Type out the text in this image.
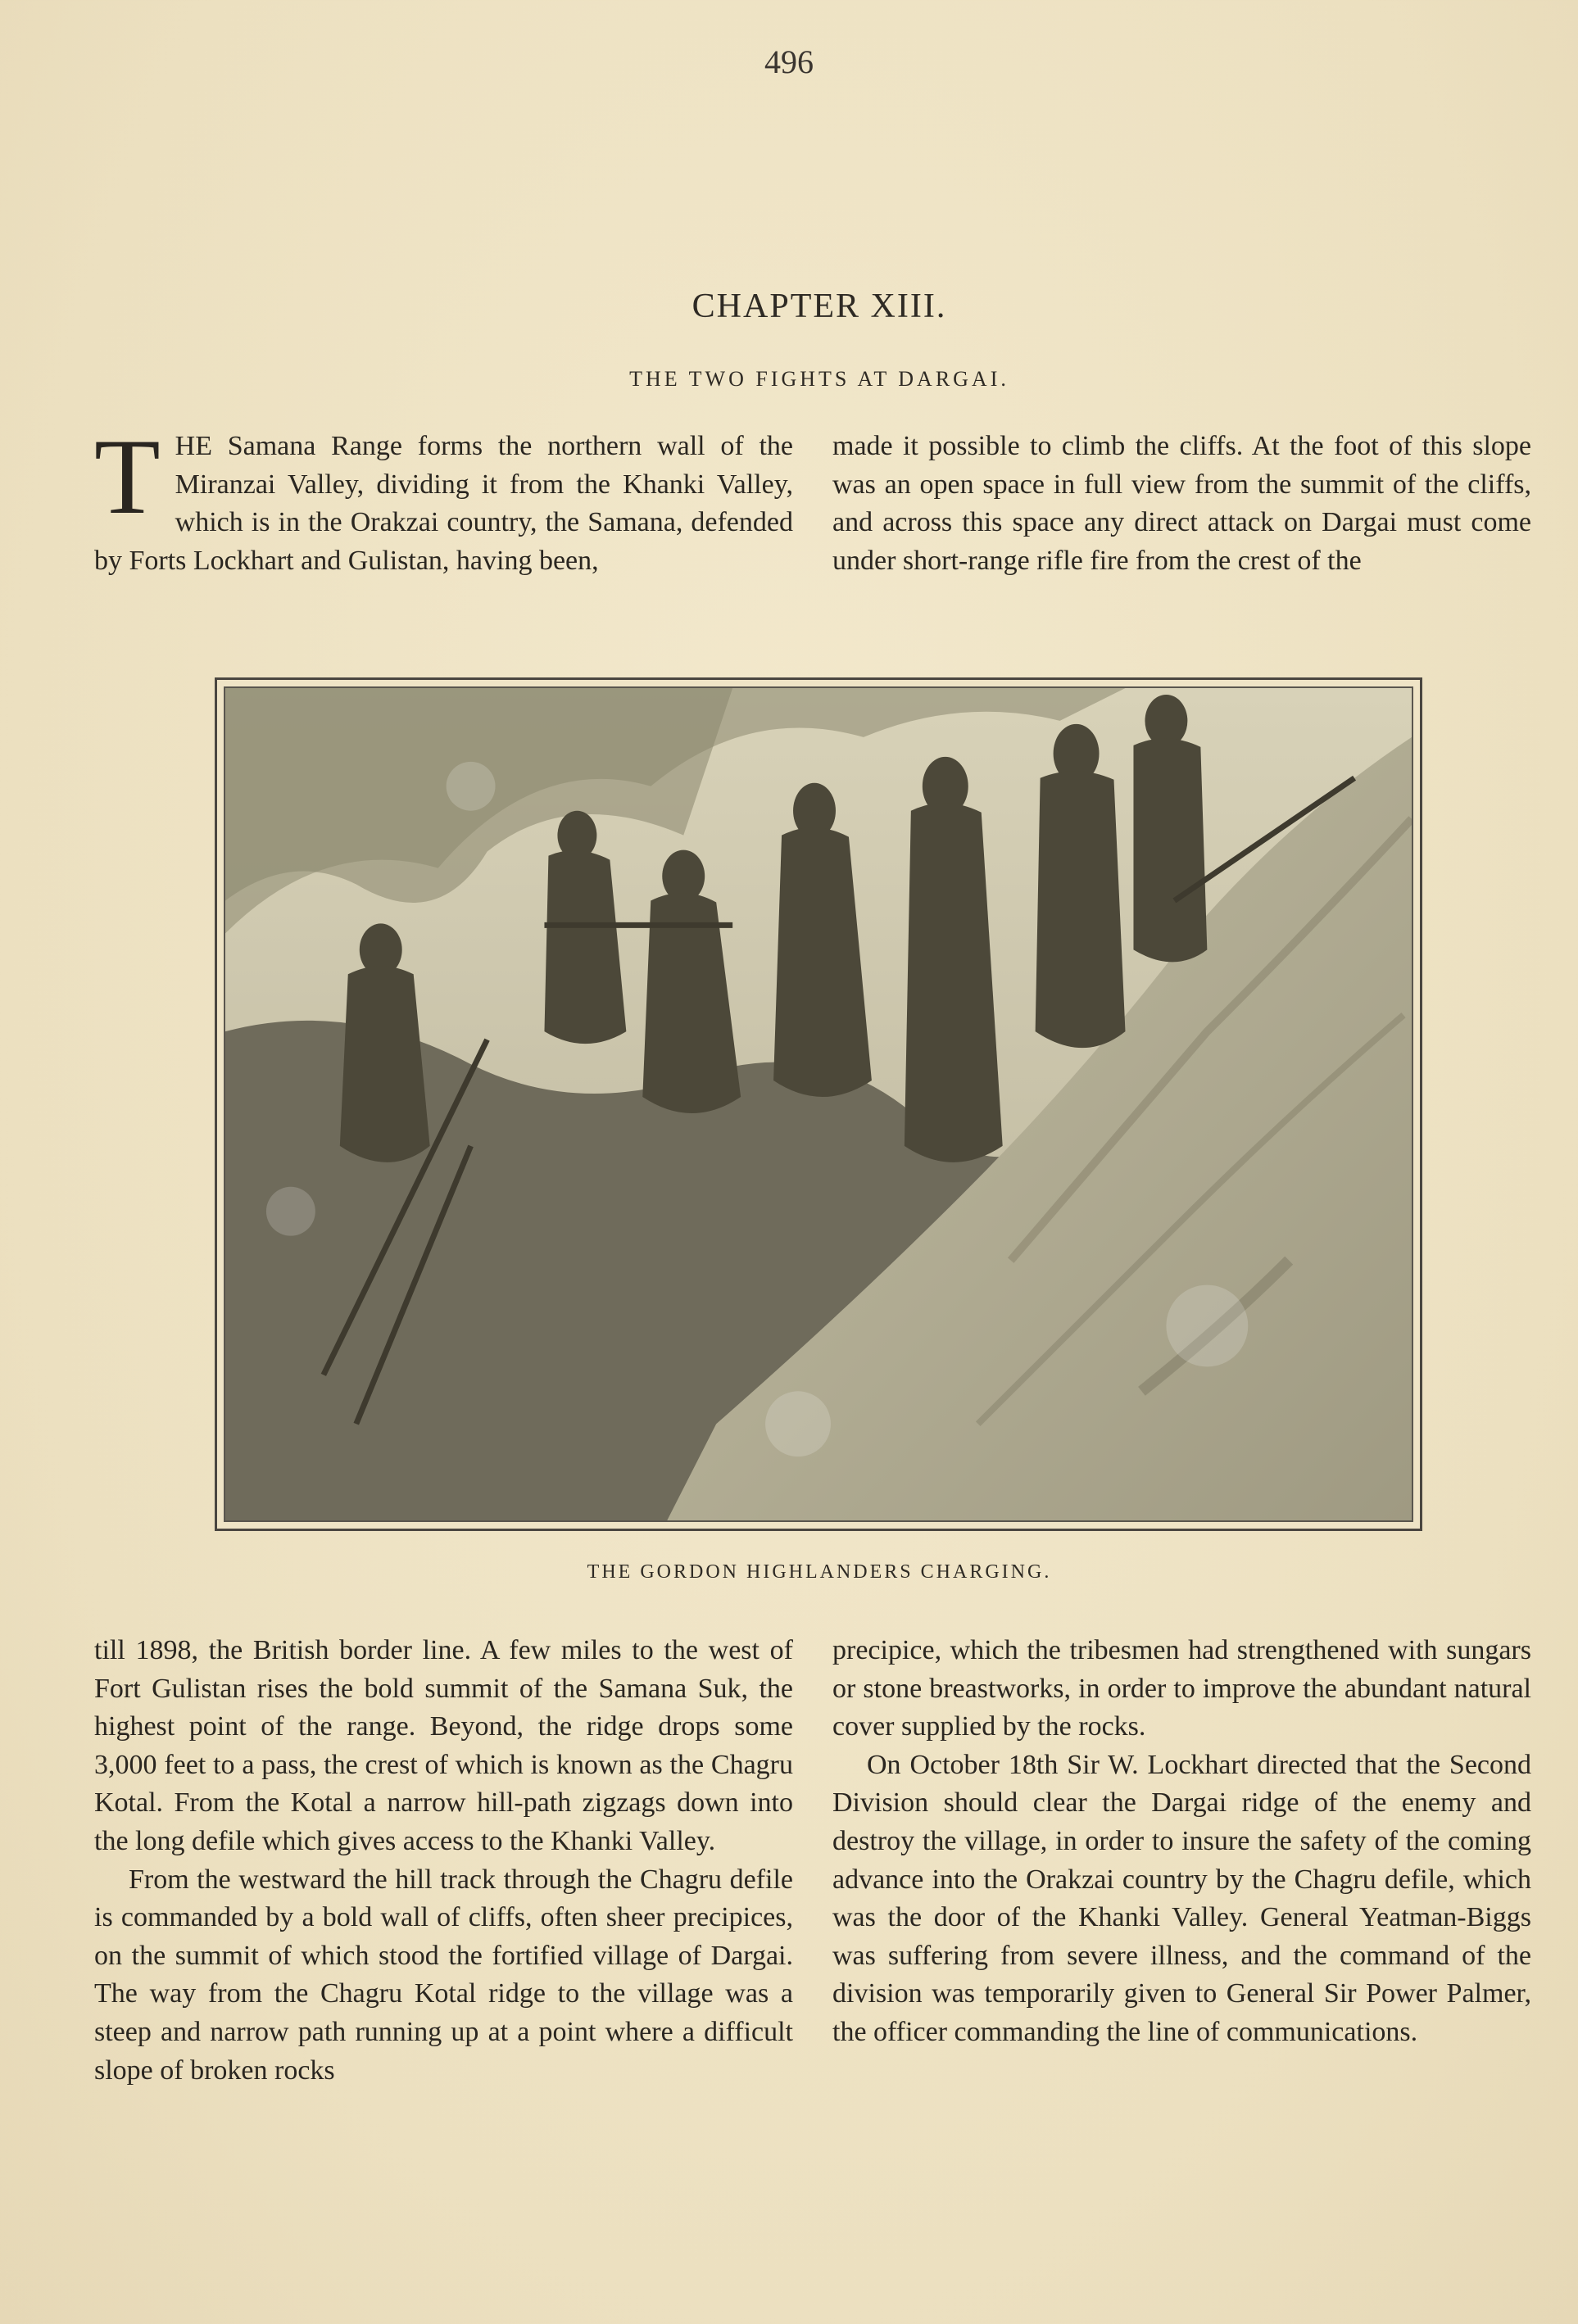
496
CHAPTER XIII.
THE TWO FIGHTS AT DARGAI.

T HE Samana Range forms the northern wall of the Miranzai Valley, dividing it from the Khanki Valley, which is in the Orakzai country, the Samana, defended by Forts Lockhart and Gulistan, having been,

made it possible to climb the cliffs. At the foot of this slope was an open space in full view from the summit of the cliffs, and across this space any direct attack on Dargai must come under short-range rifle fire from the crest of the

THE GORDON HIGHLANDERS CHARGING.

till 1898, the British border line. A few miles to the west of Fort Gulistan rises the bold summit of the Samana Suk, the highest point of the range. Beyond, the ridge drops some 3,000 feet to a pass, the crest of which is known as the Chagru Kotal. From the Kotal a narrow hill-path zigzags down into the long defile which gives access to the Khanki Valley.

From the westward the hill track through the Chagru defile is commanded by a bold wall of cliffs, often sheer precipices, on the summit of which stood the fortified village of Dargai. The way from the Chagru Kotal ridge to the village was a steep and narrow path running up at a point where a difficult slope of broken rocks

precipice, which the tribesmen had strengthened with sungars or stone breastworks, in order to improve the abundant natural cover supplied by the rocks.

On October 18th Sir W. Lockhart directed that the Second Division should clear the Dargai ridge of the enemy and destroy the village, in order to insure the safety of the coming advance into the Orakzai country by the Chagru defile, which was the door of the Khanki Valley. General Yeatman-Biggs was suffering from severe illness, and the command of the division was temporarily given to General Sir Power Palmer, the officer commanding the line of communications.
